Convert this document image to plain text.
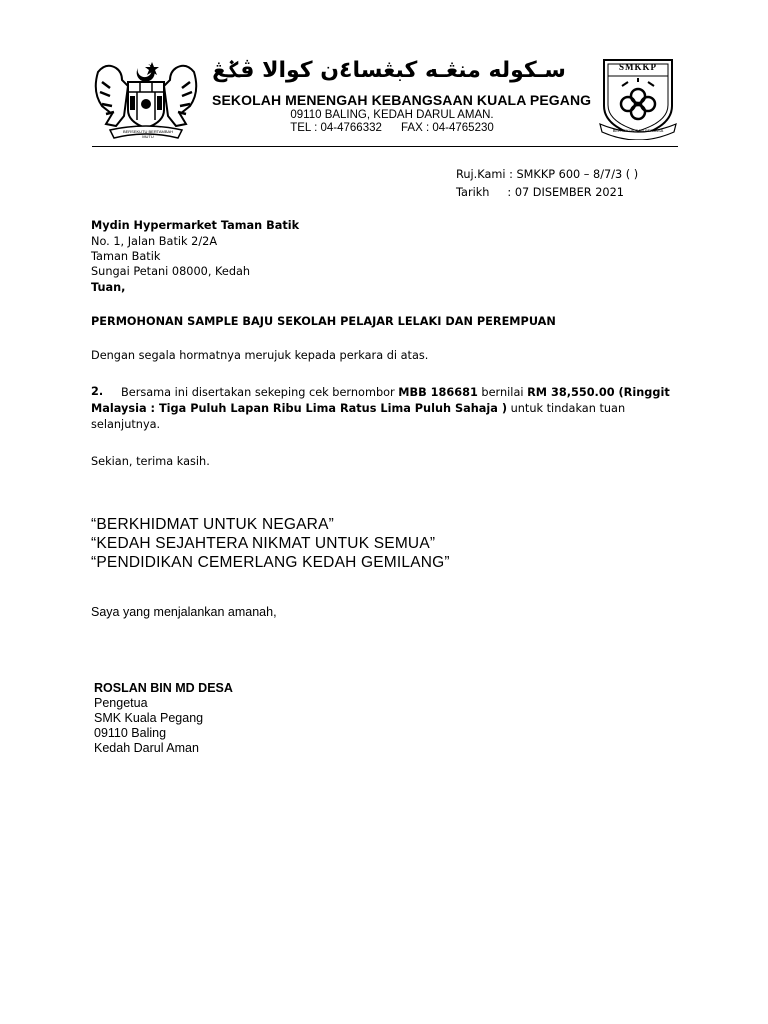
BERSEKUTU BERTAMBAH MUTU
سـكوله منڠـه كبڠسا٤ن كوالا ڤݢڠ
SEKOLAH MENENGAH KEBANGSAAN KUALA PEGANG
09110 BALING, KEDAH DARUL AMAN.
TEL : 04-4766332 FAX : 04-4765230
SMKKP
BERTEKUN DAN BERJASA
Ruj.Kami : SMKKP 600 – 8/7/3 ( )
Tarikh : 07 DISEMBER 2021
Mydin Hypermarket Taman Batik
No. 1, Jalan Batik 2/2A
Taman Batik
Sungai Petani 08000, Kedah
Tuan,
PERMOHONAN SAMPLE BAJU SEKOLAH PELAJAR LELAKI DAN PEREMPUAN
Dengan segala hormatnya merujuk kepada perkara di atas.
2.	Bersama ini disertakan sekeping cek bernombor MBB 186681 bernilai RM 38,550.00 (Ringgit Malaysia : Tiga Puluh Lapan Ribu Lima Ratus Lima Puluh Sahaja ) untuk tindakan tuan selanjutnya.
Sekian, terima kasih.
“BERKHIDMAT UNTUK NEGARA”
“KEDAH SEJAHTERA NIKMAT UNTUK SEMUA”
“PENDIDIKAN CEMERLANG KEDAH GEMILANG”
Saya yang menjalankan amanah,
ROSLAN BIN MD DESA
Pengetua
SMK Kuala Pegang
09110 Baling
Kedah Darul Aman
